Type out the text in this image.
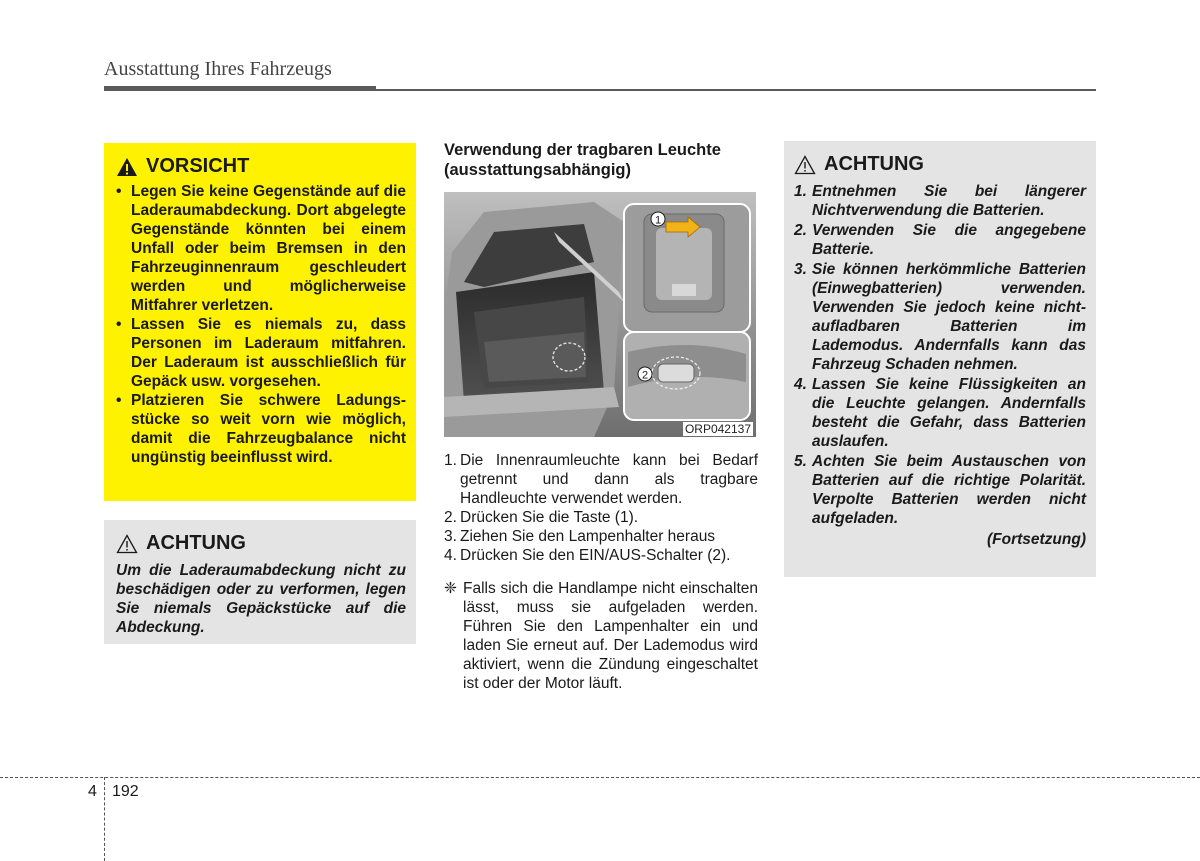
Ausstattung Ihres Fahrzeugs
VORSICHT
• Legen Sie keine Gegenstände auf die Laderaumabdeckung. Dort abgelegte Gegenstände könnten bei einem Unfall oder beim Bremsen in den Fahrzeuginnenraum geschleudert werden und möglicherweise Mitfahrer verletzen.
• Lassen Sie es niemals zu, dass Personen im Laderaum mitfahren. Der Laderaum ist ausschließlich für Gepäck usw. vorgesehen.
• Platzieren Sie schwere Ladungsstücke so weit vorn wie möglich, damit die Fahrzeugbalance nicht ungünstig beeinflusst wird.
ACHTUNG
Um die Laderaumabdeckung nicht zu beschädigen oder zu verformen, legen Sie niemals Gepäckstücke auf die Abdeckung.
Verwendung der tragbaren Leuchte (ausstattungsabhängig)
1
2
ORP042137
1. Die Innenraumleuchte kann bei Bedarf getrennt und dann als tragbare Handleuchte verwendet werden.
2. Drücken Sie die Taste (1).
3. Ziehen Sie den Lampenhalter heraus
4. Drücken Sie den EIN/AUS-Schalter (2).
❈ Falls sich die Handlampe nicht einschalten lässt, muss sie aufgeladen werden. Führen Sie den Lampenhalter ein und laden Sie erneut auf. Der Lademodus wird aktiviert, wenn die Zündung eingeschaltet ist oder der Motor läuft.
ACHTUNG
1. Entnehmen Sie bei längerer Nichtverwendung die Batterien.
2. Verwenden Sie die angegebene Batterie.
3. Sie können herkömmliche Batterien (Einwegbatterien) verwenden. Verwenden Sie jedoch keine nicht-aufladbaren Batterien im Lademodus. Andernfalls kann das Fahrzeug Schaden nehmen.
4. Lassen Sie keine Flüssigkeiten an die Leuchte gelangen. Andernfalls besteht die Gefahr, dass Batterien auslaufen.
5. Achten Sie beim Austauschen von Batterien auf die richtige Polarität. Verpolte Batterien werden nicht aufgeladen.
(Fortsetzung)
4 192
